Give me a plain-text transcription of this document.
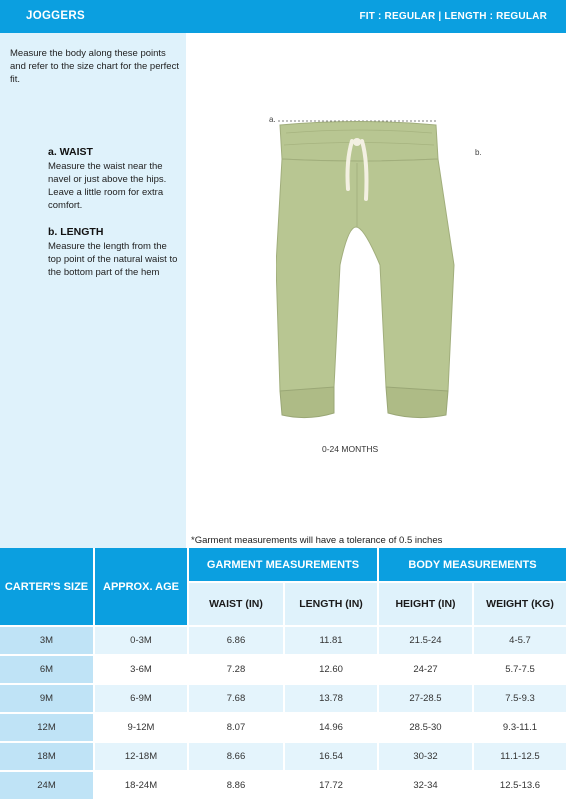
JOGGERS	FIT : REGULAR | LENGTH : REGULAR

Measure the body along these points and refer to the size chart for the perfect fit.

a. WAIST
Measure the waist near the navel or just above the hips. Leave a little room for extra comfort.
b. LENGTH
Measure the length from the top point of the natural waist to the bottom part of the hem
a.
b.
0-24 MONTHS
*Garment measurements will have a tolerance of 0.5 inches
CARTER'S SIZE	APPROX. AGE
GARMENT MEASUREMENTS	BODY MEASUREMENTS
WAIST (IN)	LENGTH (IN)	HEIGHT (IN)	WEIGHT (KG)
3M	0-3M	6.86	11.81	21.5-24	4-5.7
6M	3-6M	7.28	12.60	24-27	5.7-7.5
9M	6-9M	7.68	13.78	27-28.5	7.5-9.3
12M	9-12M	8.07	14.96	28.5-30	9.3-11.1
18M	12-18M	8.66	16.54	30-32	11.1-12.5
24M	18-24M	8.86	17.72	32-34	12.5-13.6
